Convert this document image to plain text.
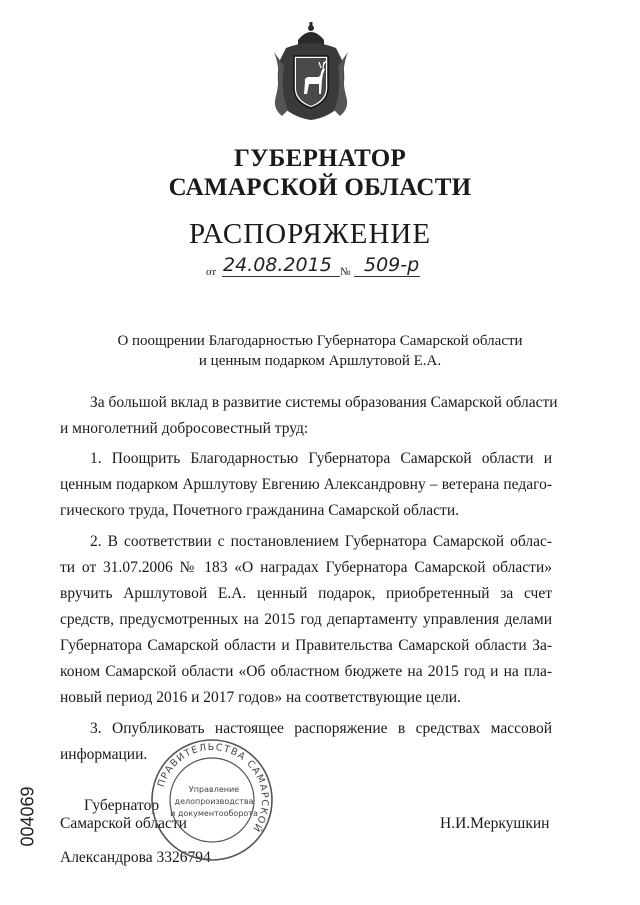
ГУБЕРНАТОР
САМАРСКОЙ ОБЛАСТИ
РАСПОРЯЖЕНИЕ
от 24.08.2015 № 509-р
О поощрении Благодарностью Губернатора Самарской области
и ценным подарком Аршлутовой Е.А.
За большой вклад в развитие системы образования Самарской области
и многолетний добросовестный труд:
1. Поощрить Благодарностью Губернатора Самарской области и
ценным подарком Аршлутову Евгению Александровну – ветерана педаго-
гического труда, Почетного гражданина Самарской области.
2. В соответствии с постановлением Губернатора Самарской облас-
ти от 31.07.2006 № 183 «О наградах Губернатора Самарской области»
вручить Аршлутовой Е.А. ценный подарок, приобретенный за счет
средств, предусмотренных на 2015 год департаменту управления делами
Губернатора Самарской области и Правительства Самарской области За-
коном Самарской области «Об областном бюджете на 2015 год и на пла-
новый период 2016 и 2017 годов» на соответствующие цели.
3. Опубликовать настоящее распоряжение в средствах массовой
информации.
004069	Губернатор
Самарской области	Н.И.Меркушкин
Александрова 3326794
ПРАВИТЕЛЬСТВА САМАРСКОЙ
Управление
делопроизводства
и документооборота
